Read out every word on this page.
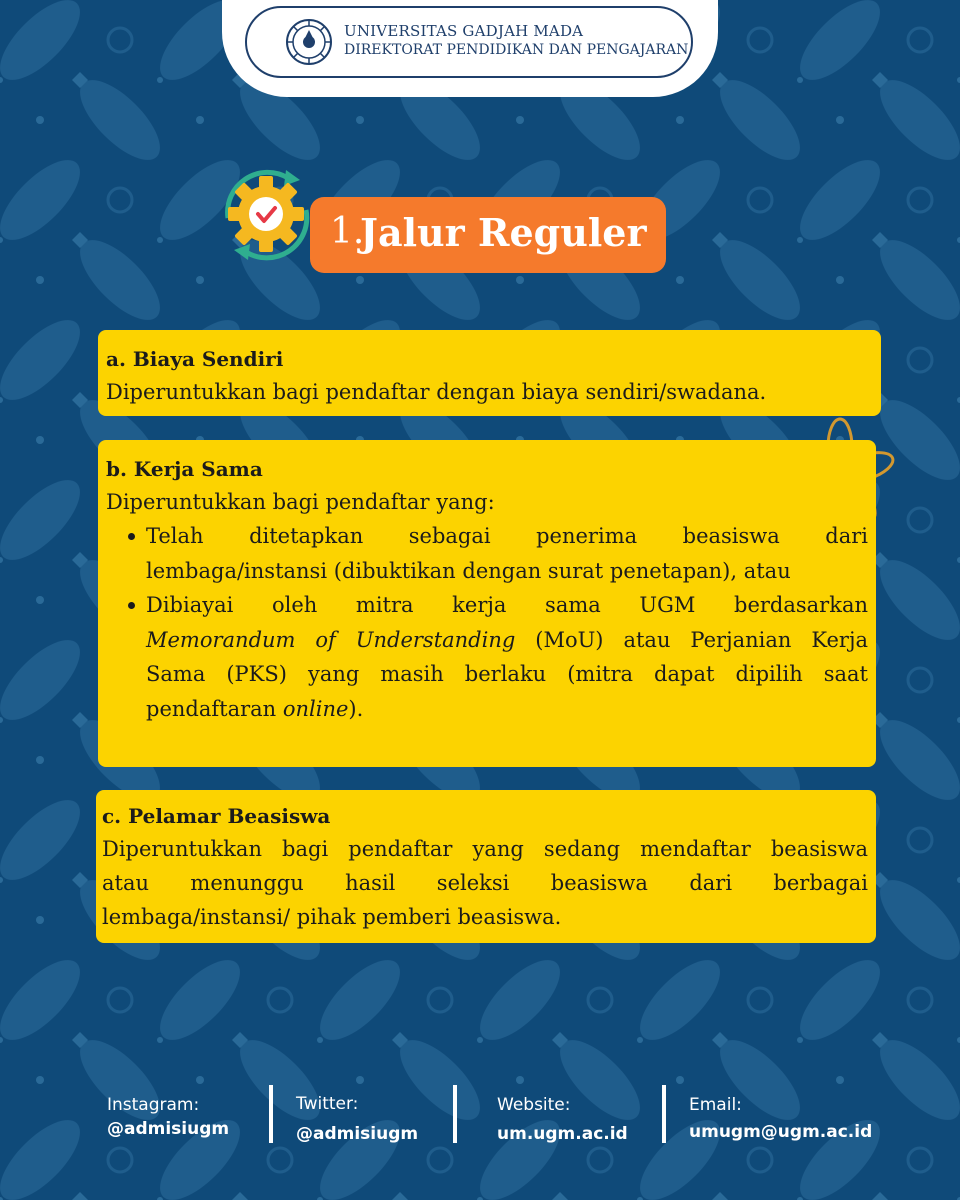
UNIVERSITAS GADJAH MADA
DIREKTORAT PENDIDIKAN DAN PENGAJARAN
1.
Jalur Reguler
a. Biaya Sendiri
Diperuntukkan bagi pendaftar dengan biaya sendiri/swadana.
b. Kerja Sama
Diperuntukkan bagi pendaftar yang:
Telah ditetapkan sebagai penerima beasiswa dari
lembaga/instansi (dibuktikan dengan surat penetapan), atau
Dibiayai oleh mitra kerja sama UGM berdasarkan
Memorandum of Understanding (MoU) atau Perjanian Kerja
Sama (PKS) yang masih berlaku (mitra dapat dipilih saat
pendaftaran online).
c. Pelamar Beasiswa
Diperuntukkan bagi pendaftar yang sedang mendaftar beasiswa
atau menunggu hasil seleksi beasiswa dari berbagai
lembaga/instansi/ pihak pemberi beasiswa.
Instagram:
@admisiugm
Twitter:
@admisiugm
Website:
um.ugm.ac.id
Email:
umugm@ugm.ac.id
